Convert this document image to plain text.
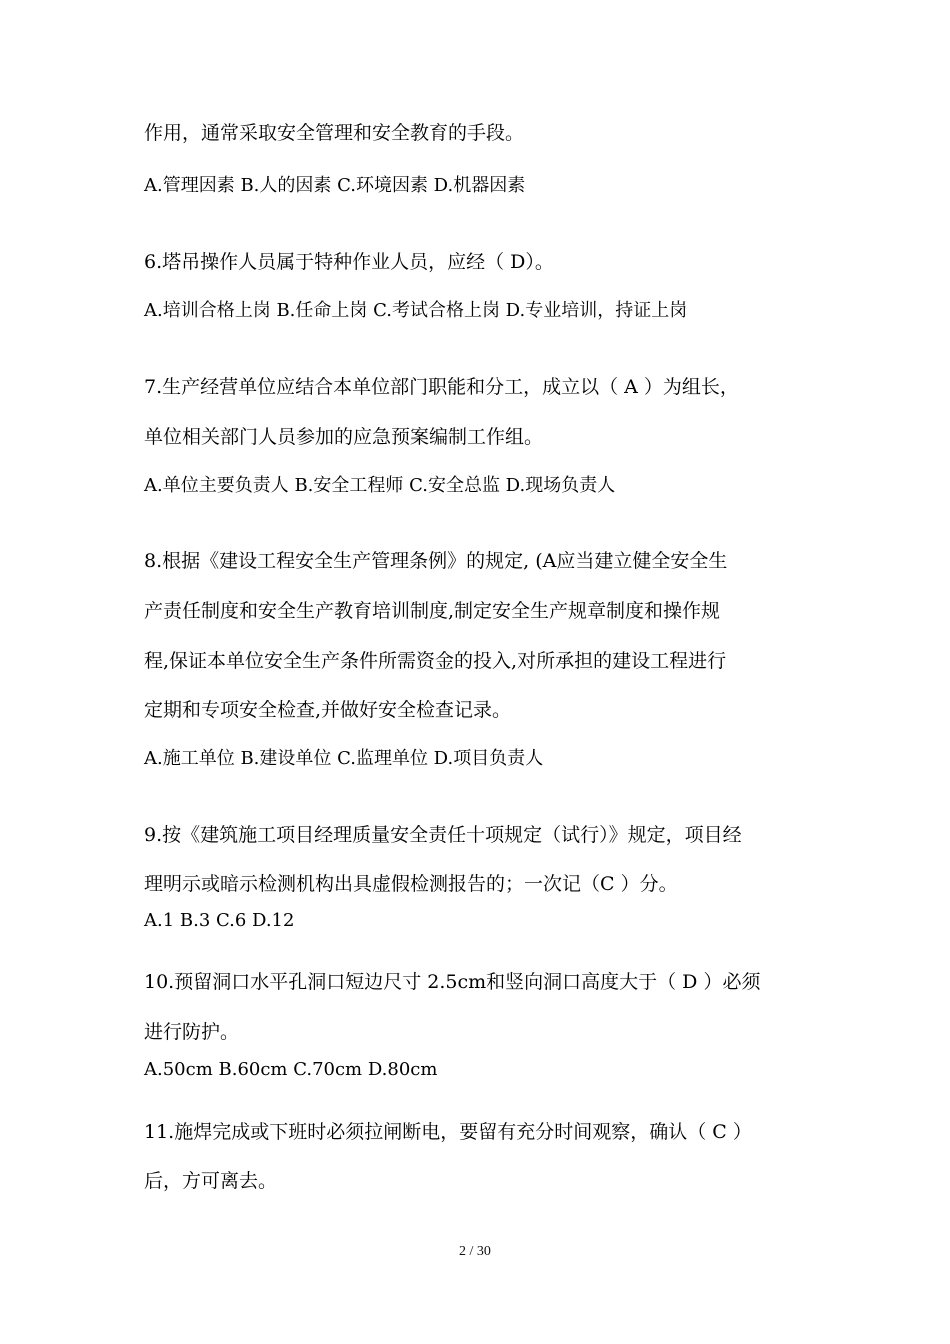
作用，通常采取安全管理和安全教育的手段。
A.管理因素 B.人的因素 C.环境因素 D.机器因素
6.塔吊操作人员属于特种作业人员，应经（ D）。
A.培训合格上岗 B.任命上岗 C.考试合格上岗 D.专业培训，持证上岗
7.生产经营单位应结合本单位部门职能和分工，成立以（ A ）为组长，
单位相关部门人员参加的应急预案编制工作组。
A.单位主要负责人 B.安全工程师 C.安全总监 D.现场负责人
8.根据《建设工程安全生产管理条例》的规定, (A应当建立健全安全生
产责任制度和安全生产教育培训制度,制定安全生产规章制度和操作规
程,保证本单位安全生产条件所需资金的投入,对所承担的建设工程进行
定期和专项安全检查,并做好安全检查记录。
A.施工单位 B.建设单位 C.监理单位 D.项目负责人
9.按《建筑施工项目经理质量安全责任十项规定（试行）》规定，项目经
理明示或暗示检测机构出具虚假检测报告的；一次记（C ）分。
A.1 B.3 C.6 D.12
10.预留洞口水平孔洞口短边尺寸 2.5cm和竖向洞口高度大于（ D ）必须
进行防护。
A.50cm B.60cm C.70cm D.80cm
11.施焊完成或下班时必须拉闸断电，要留有充分时间观察，确认（ C ）
后，方可离去。
2 / 30
